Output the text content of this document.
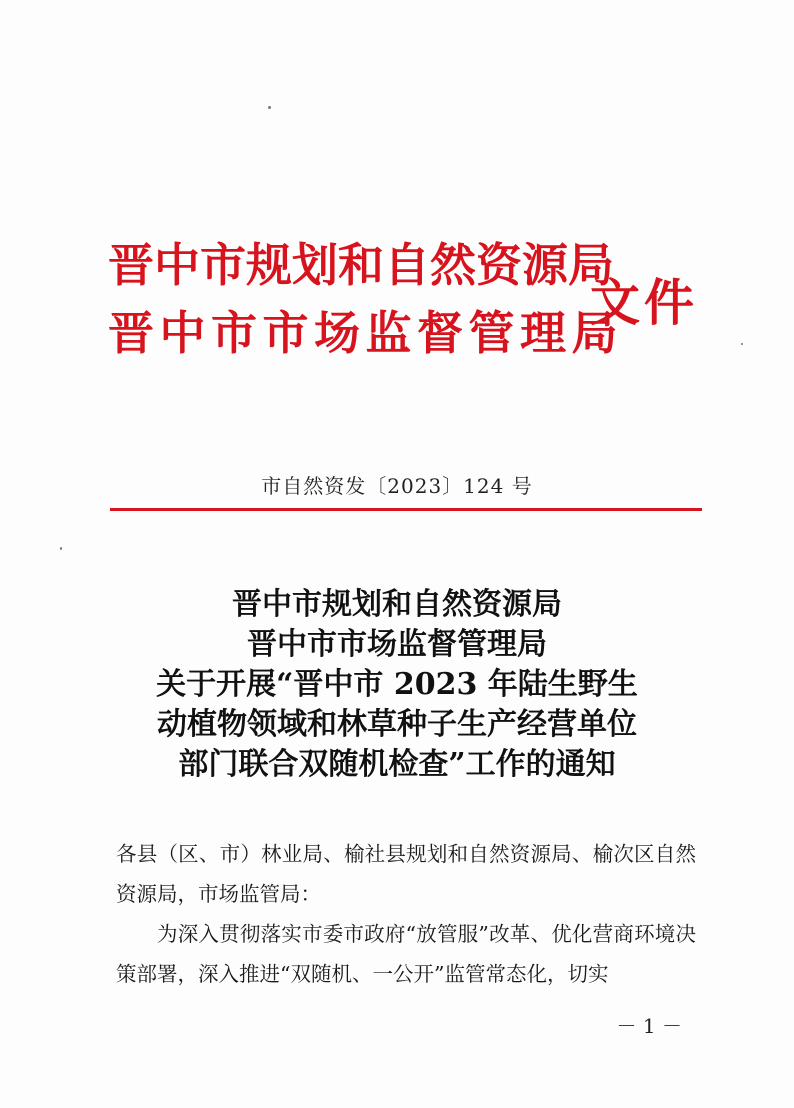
晋中市规划和自然资源局
晋中市市场监督管理局
文件
市自然资发〔2023〕124 号
晋中市规划和自然资源局
晋中市市场监督管理局
关于开展“晋中市 2023 年陆生野生
动植物领域和林草种子生产经营单位
部门联合双随机检查”工作的通知

各县（区、市）林业局、榆社县规划和自然资源局、榆次区自然资源局，市场监管局：

为深入贯彻落实市委市政府“放管服”改革、优化营商环境决策部署，深入推进“双随机、一公开”监管常态化，切实

－ 1 －
